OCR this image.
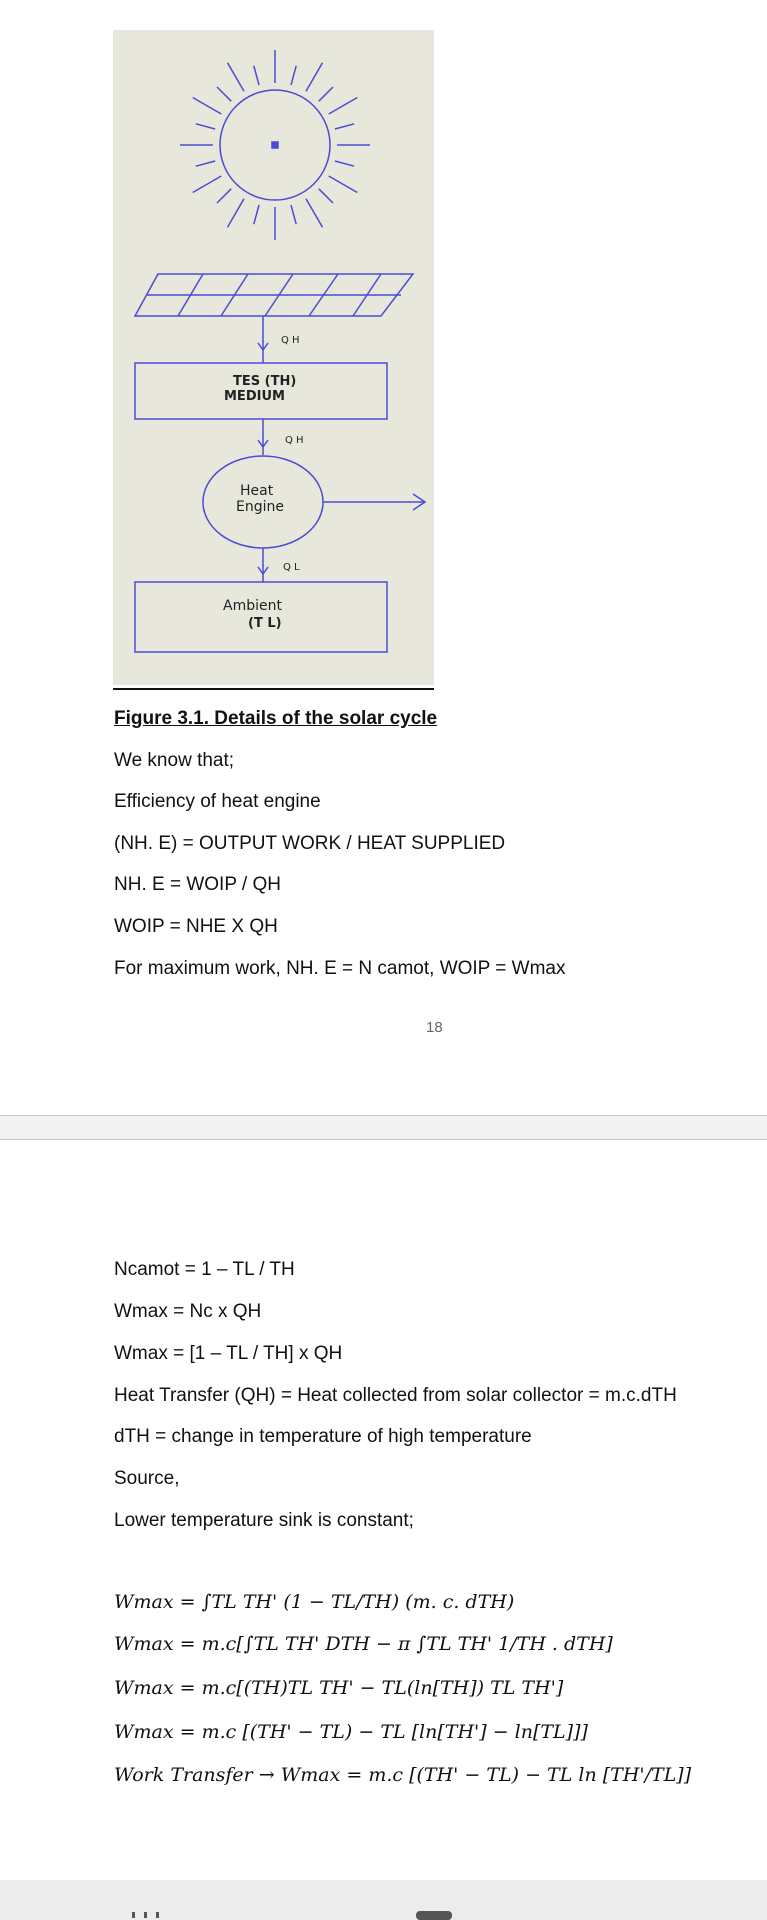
Q H
TES (TH)
MEDIUM
Q H
Heat
Engine
Q L
Ambient
(T L)
Figure 3.1. Details of the solar cycle
We know that;
Efficiency of heat engine
(NH. E) = OUTPUT WORK / HEAT SUPPLIED
NH. E = WOIP / QH
WOIP = NHE X QH
For maximum work, NH. E = N camot, WOIP = Wmax
18
Ncamot = 1 – TL / TH
Wmax = Nc x QH
Wmax = [1 – TL / TH] x QH
Heat Transfer (QH) = Heat collected from solar collector = m.c.dTH
dTH = change in temperature of high temperature
Source,
Lower temperature sink is constant;
Wmax = ∫TL TH' (1 − TL/TH) (m. c. dTH)
Wmax = m.c[∫TL TH' DTH − π ∫TL TH' 1/TH . dTH]
Wmax = m.c[(TH)TL TH' − TL(ln[TH]) TL TH']
Wmax = m.c [(TH' − TL) − TL [ln[TH'] − ln[TL]]]
Work Transfer → Wmax = m.c [(TH' − TL) − TL ln [TH'/TL]]
